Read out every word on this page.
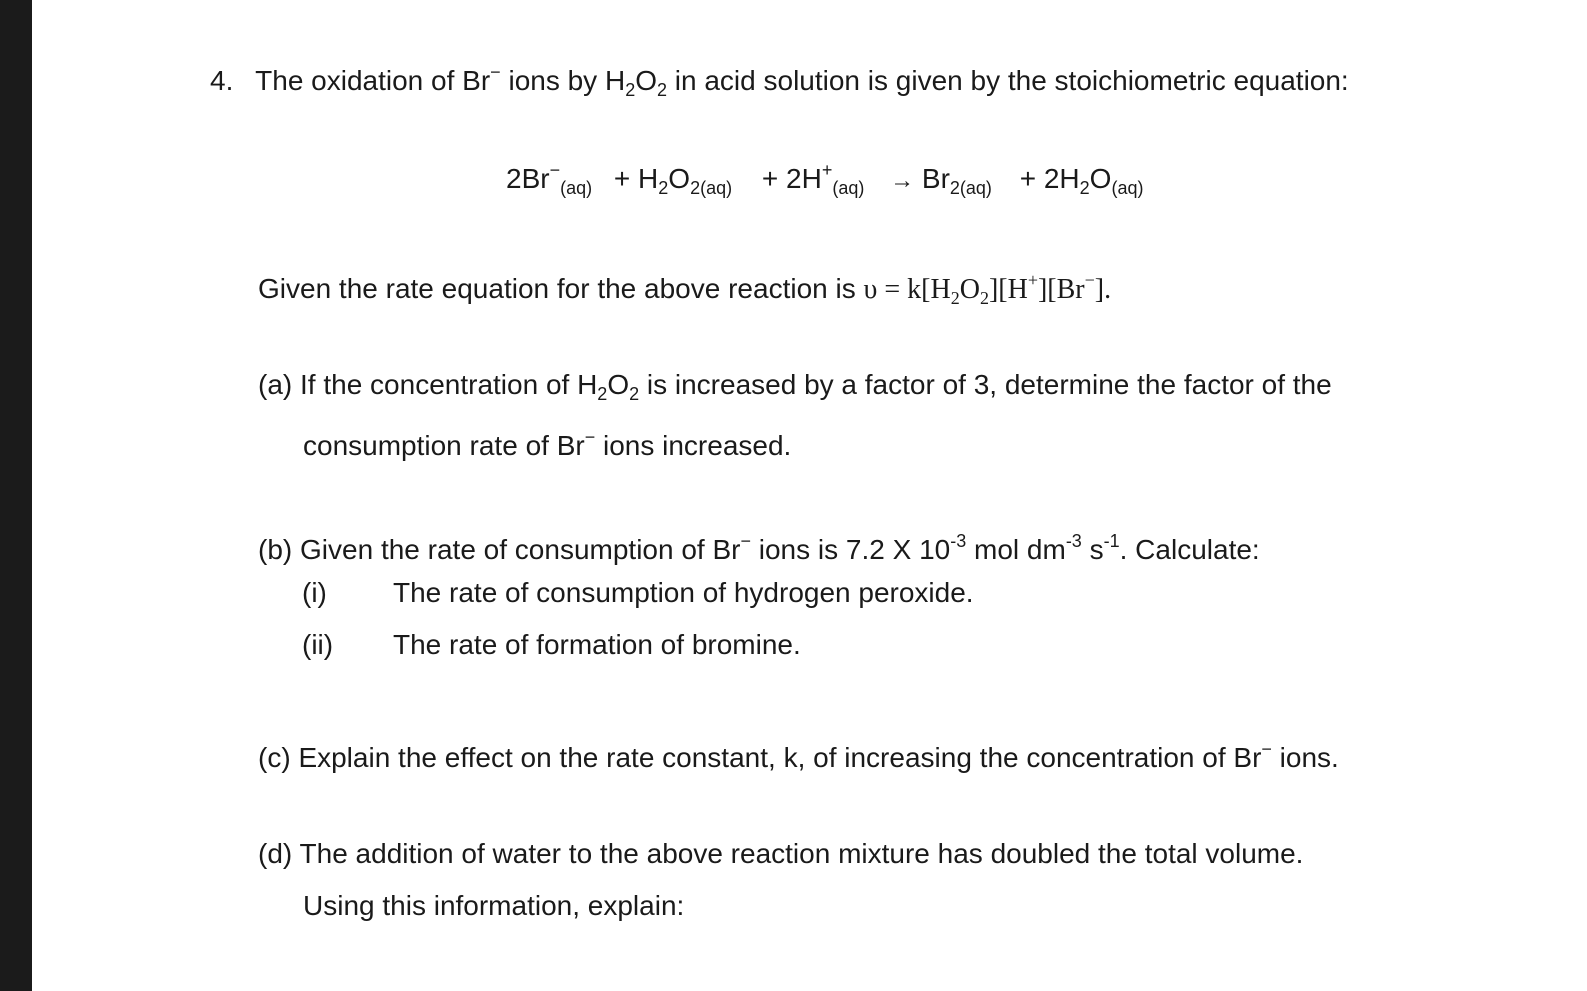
4. The oxidation of Br− ions by $H_2O_2$ in acid solution is given by the stoichiometric equation:
$2Br^-_{(aq)} + H_2O_{2(aq)} + 2H^+_{(aq)} \to Br_{2(aq)} + 2H_2O_{(aq)}$
Given the rate equation for the above reaction is $\upsilon = k[H_2O_2][H^+][Br^-]$.
(a) If the concentration of $H_2O_2$ is increased by a factor of 3, determine the factor of the
consumption rate of Br− ions increased.
(b) Given the rate of consumption of Br− ions is 7.2 X $10^{-3}$ mol $dm^{-3}$ $s^{-1}$. Calculate:
(i) The rate of consumption of hydrogen peroxide.
(ii) The rate of formation of bromine.
(c) Explain the effect on the rate constant, k, of increasing the concentration of Br− ions.
(d) The addition of water to the above reaction mixture has doubled the total volume.
Using this information, explain:
